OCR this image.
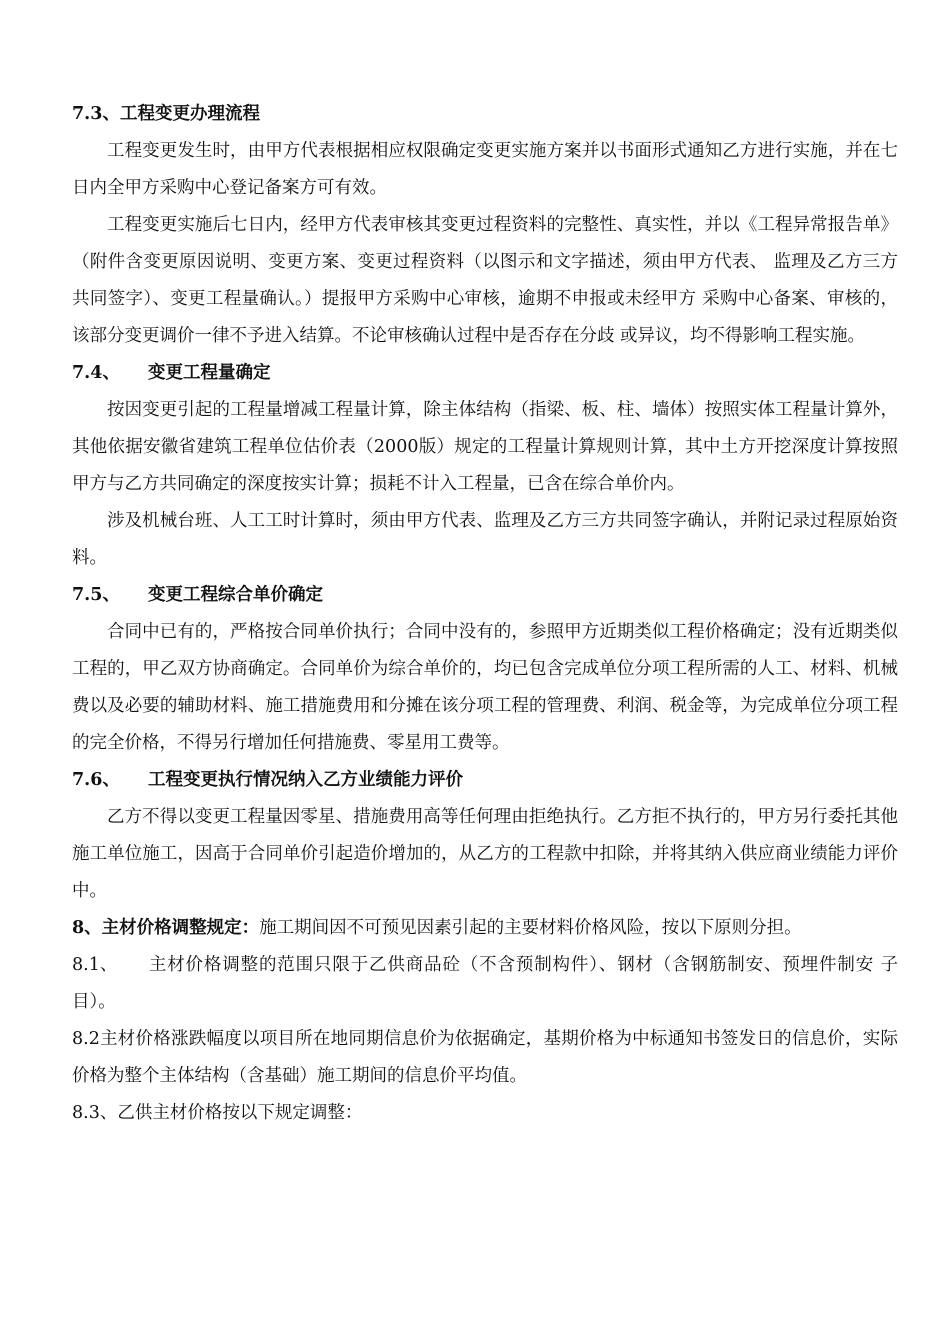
7.3、工程变更办理流程

工程变更发生时，由甲方代表根据相应权限确定变更实施方案并以书面形式通知乙方进行实施，并在七日内全甲方采购中心登记备案方可有效。

工程变更实施后七日内，经甲方代表审核其变更过程资料的完整性、真实性，并以《工程异常报告单》（附件含变更原因说明、变更方案、变更过程资料（以图示和文字描述，须由甲方代表、 监理及乙方三方共同签字）、变更工程量确认。）提报甲方采购中心审核，逾期不申报或未经甲方 采购中心备案、审核的，该部分变更调价一律不予进入结算。不论审核确认过程中是否存在分歧 或异议，均不得影响工程实施。

7.4、 变更工程量确定

按因变更引起的工程量增减工程量计算，除主体结构（指梁、板、柱、墙体）按照实体工程量计算外，其他依据安徽省建筑工程单位估价表（2000版）规定的工程量计算规则计算，其中土方开挖深度计算按照甲方与乙方共同确定的深度按实计算；损耗不计入工程量，已含在综合单价内。

涉及机械台班、人工工时计算时，须由甲方代表、监理及乙方三方共同签字确认，并附记录过程原始资料。

7.5、 变更工程综合单价确定

合同中已有的，严格按合同单价执行；合同中没有的，参照甲方近期类似工程价格确定；没有近期类似工程的，甲乙双方协商确定。合同单价为综合单价的，均已包含完成单位分项工程所需的人工、材料、机械费以及必要的辅助材料、施工措施费用和分摊在该分项工程的管理费、利润、税金等，为完成单位分项工程的完全价格，不得另行增加任何措施费、零星用工费等。

7.6、 工程变更执行情况纳入乙方业绩能力评价

乙方不得以变更工程量因零星、措施费用高等任何理由拒绝执行。乙方拒不执行的，甲方另行委托其他施工单位施工，因高于合同单价引起造价增加的，从乙方的工程款中扣除，并将其纳入供应商业绩能力评价中。

8、主材价格调整规定：施工期间因不可预见因素引起的主要材料价格风险，按以下原则分担。

8.1、 主材价格调整的范围只限于乙供商品砼（不含预制构件）、钢材（含钢筋制安、预埋件制安 子目）。

8.2主材价格涨跌幅度以项目所在地同期信息价为依据确定，基期价格为中标通知书签发日的信息价，实际价格为整个主体结构（含基础）施工期间的信息价平均值。

8.3、乙供主材价格按以下规定调整：
